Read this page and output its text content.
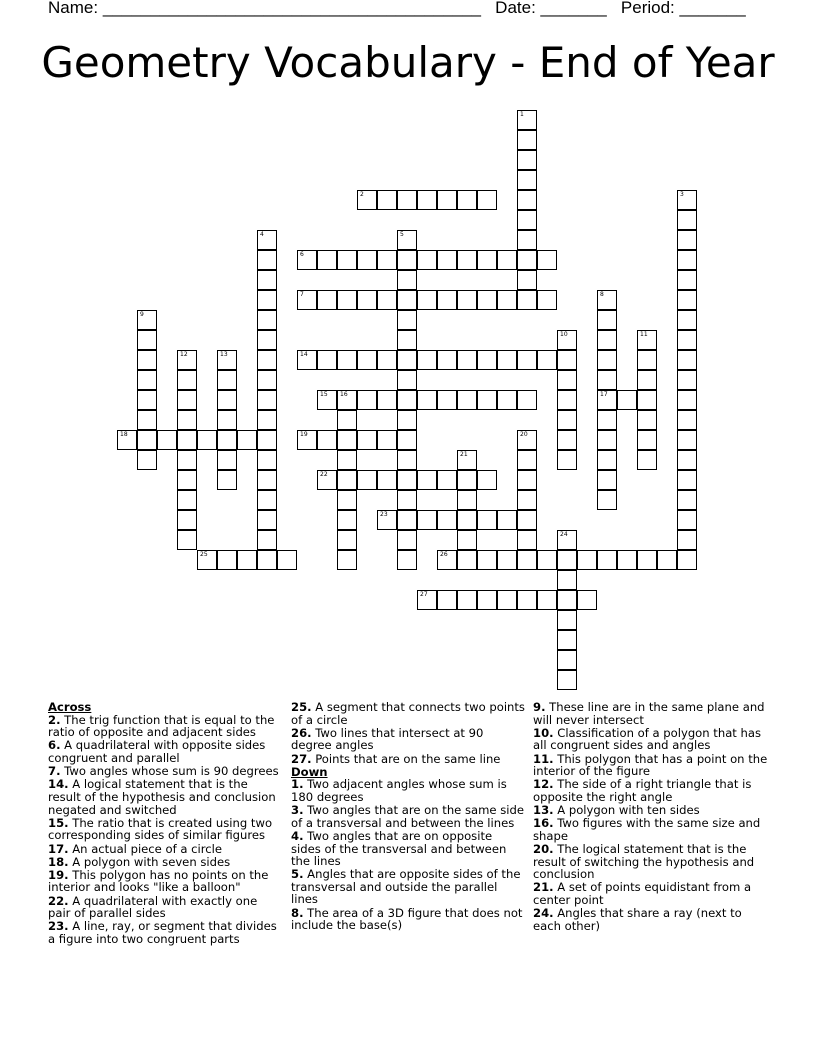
Name: ________________________________________ Date: _______ Period: _______
Geometry Vocabulary - End of Year
1
2	3
4	5
6
7	8
17
9
10	11
12	13	14
15 16
18	19	20
21
22
23
24
25	26
27
Across
2. The trig function that is equal to the ratio of opposite and adjacent sides
6. A quadrilateral with opposite sides congruent and parallel
7. Two angles whose sum is 90 degrees
14. A logical statement that is the result of the hypothesis and conclusion negated and switched
15. The ratio that is created using two corresponding sides of similar figures
17. An actual piece of a circle
18. A polygon with seven sides
19. This polygon has no points on the interior and looks "like a balloon"
22. A quadrilateral with exactly one pair of parallel sides
23. A line, ray, or segment that divides a figure into two congruent parts
25. A segment that connects two points of a circle
26. Two lines that intersect at 90 degree angles
27. Points that are on the same line
Down
1. Two adjacent angles whose sum is 180 degrees
3. Two angles that are on the same side of a transversal and between the lines
4. Two angles that are on opposite sides of the transversal and between the lines
5. Angles that are opposite sides of the transversal and outside the parallel lines
8. The area of a 3D figure that does not include the base(s)
9. These line are in the same plane and will never intersect
10. Classification of a polygon that has all congruent sides and angles
11. This polygon that has a point on the interior of the figure
12. The side of a right triangle that is opposite the right angle
13. A polygon with ten sides
16. Two figures with the same size and shape
20. The logical statement that is the result of switching the hypothesis and conclusion
21. A set of points equidistant from a center point
24. Angles that share a ray (next to each other)
